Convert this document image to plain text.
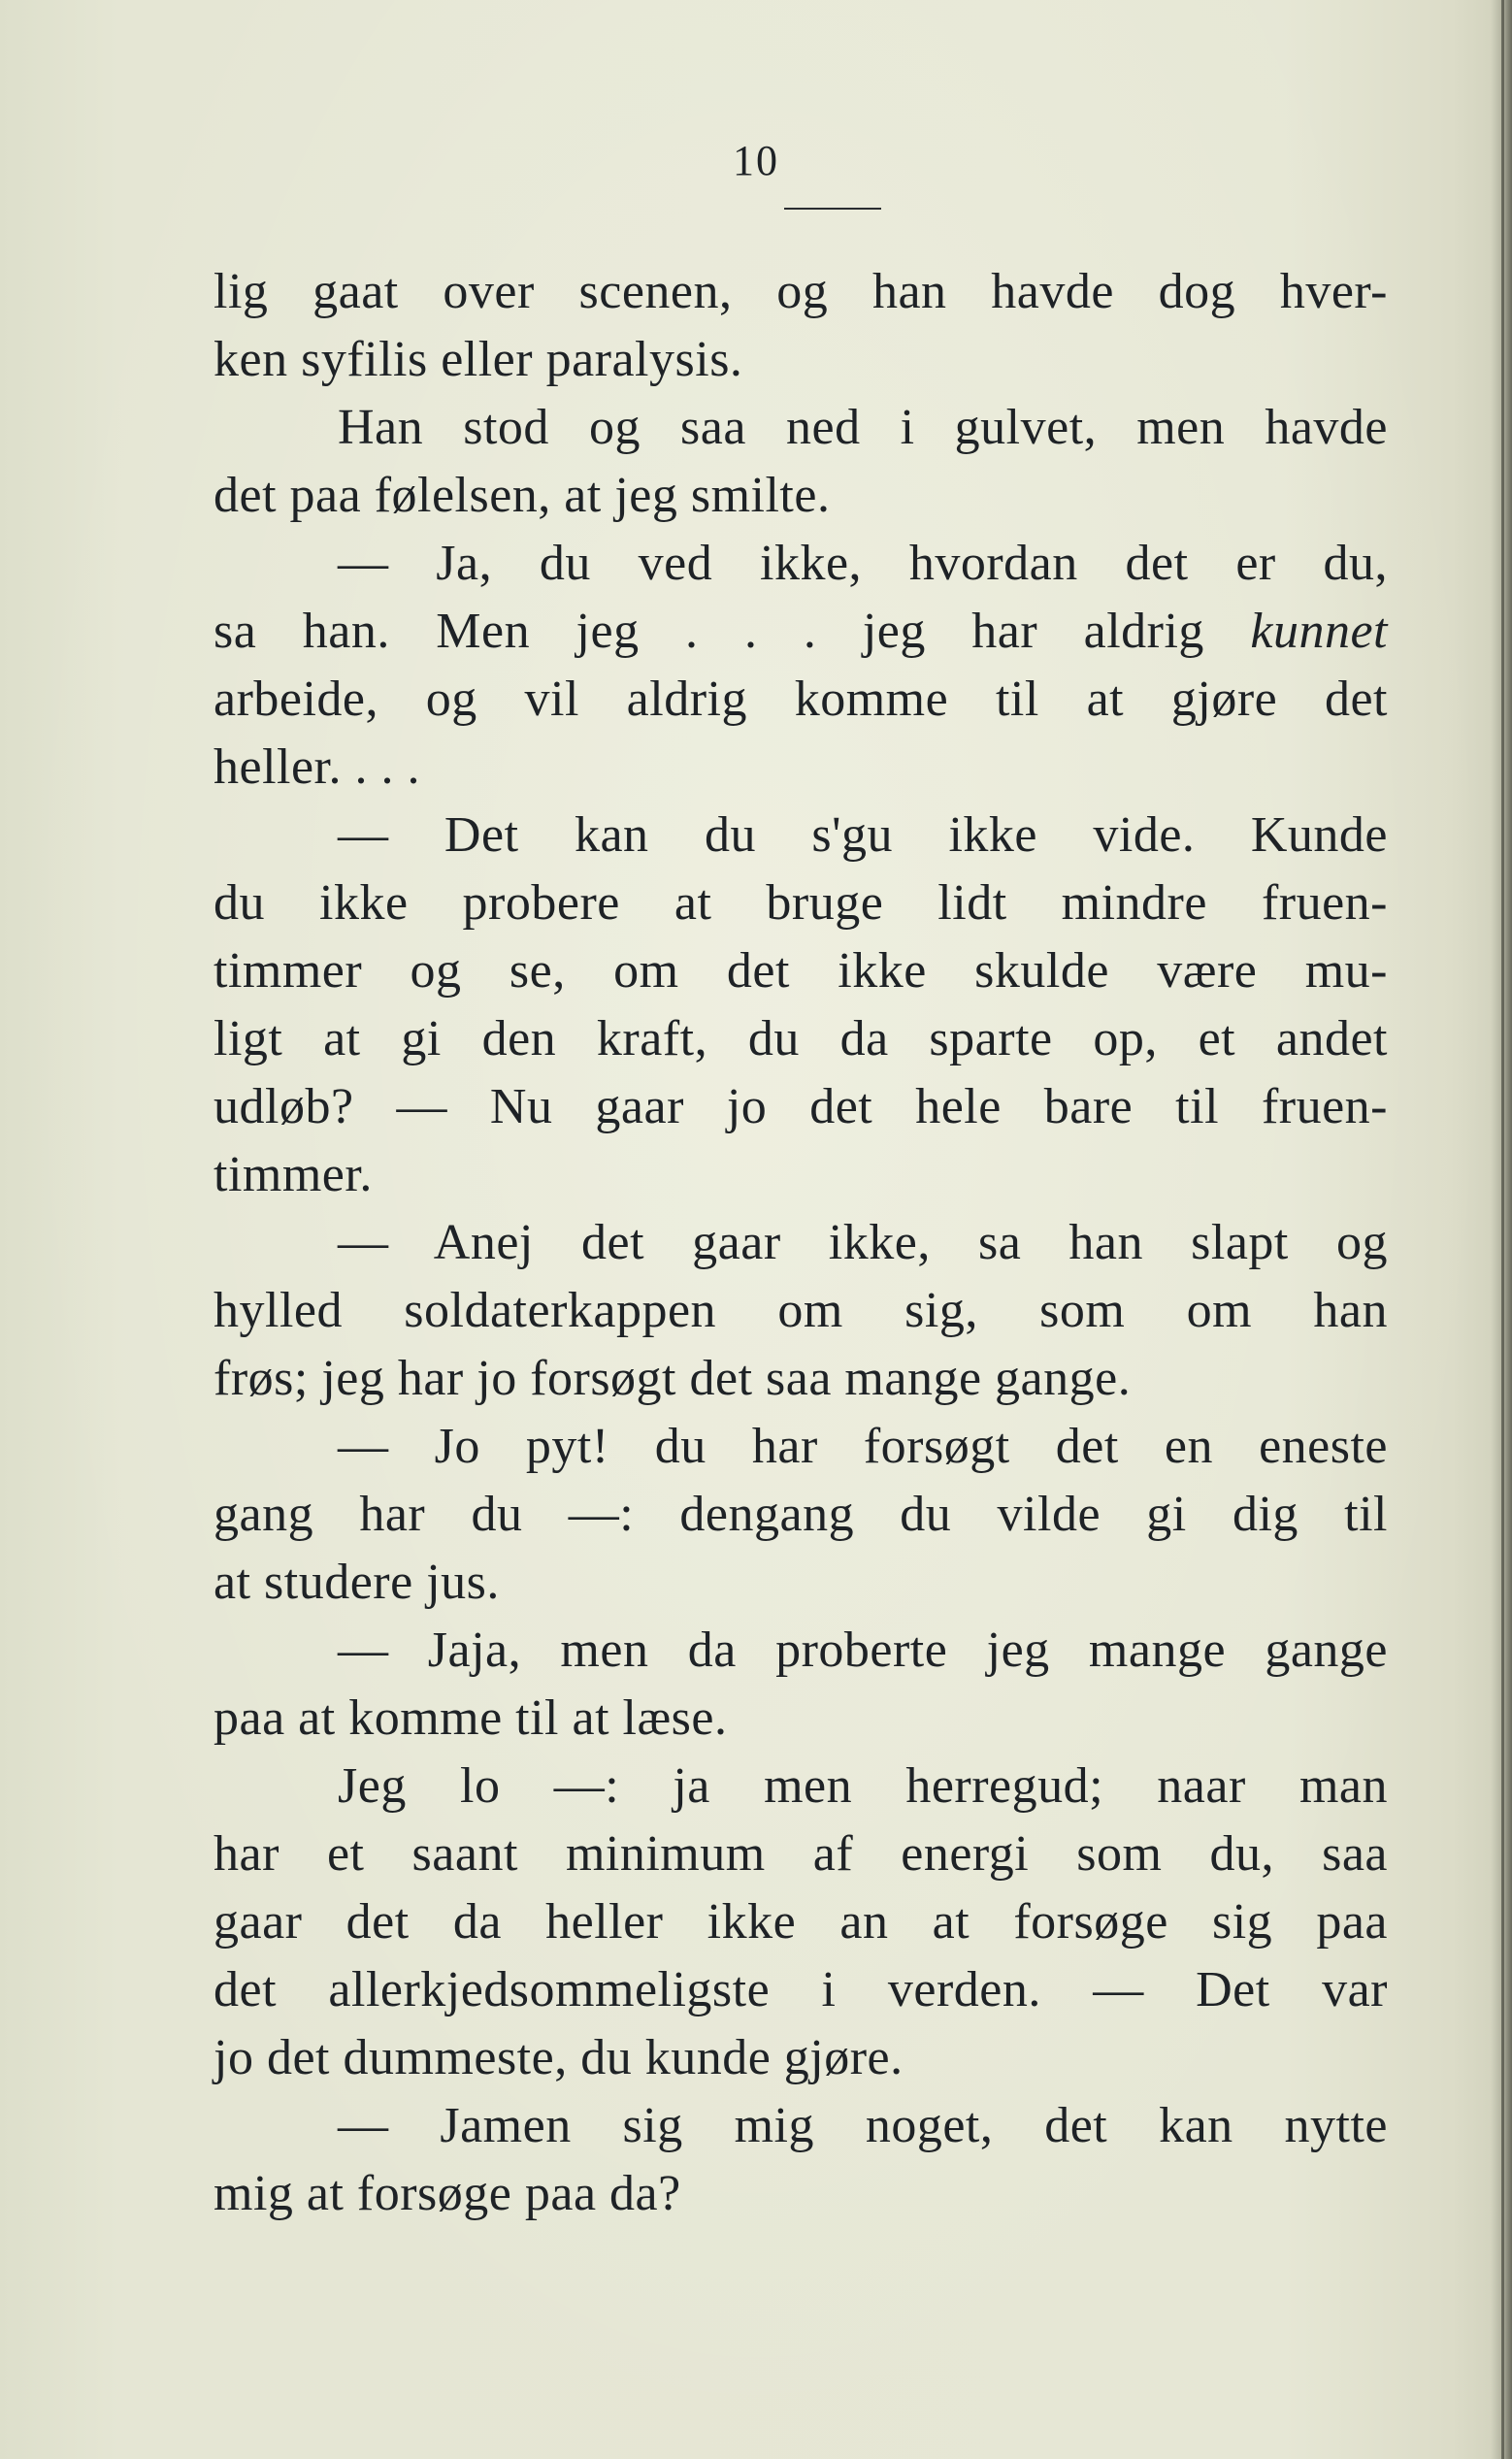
10
lig gaat over scenen, og han havde dog hver-
ken syfilis eller paralysis.
Han stod og saa ned i gulvet, men havde
det paa følelsen, at jeg smilte.
— Ja, du ved ikke, hvordan det er du,
sa han. Men jeg . . . jeg har aldrig kunnet
arbeide, og vil aldrig komme til at gjøre det
heller. . . .
— Det kan du s'gu ikke vide. Kunde
du ikke probere at bruge lidt mindre fruen-
timmer og se, om det ikke skulde være mu-
ligt at gi den kraft, du da sparte op, et andet
udløb? — Nu gaar jo det hele bare til fruen-
timmer.
— Anej det gaar ikke, sa han slapt og
hylled soldaterkappen om sig, som om han
frøs; jeg har jo forsøgt det saa mange gange.
— Jo pyt! du har forsøgt det en eneste
gang har du —: dengang du vilde gi dig til
at studere jus.
— Jaja, men da proberte jeg mange gange
paa at komme til at læse.
Jeg lo —: ja men herregud; naar man
har et saant minimum af energi som du, saa
gaar det da heller ikke an at forsøge sig paa
det allerkjedsommeligste i verden. — Det var
jo det dummeste, du kunde gjøre.
— Jamen sig mig noget, det kan nytte
mig at forsøge paa da?
